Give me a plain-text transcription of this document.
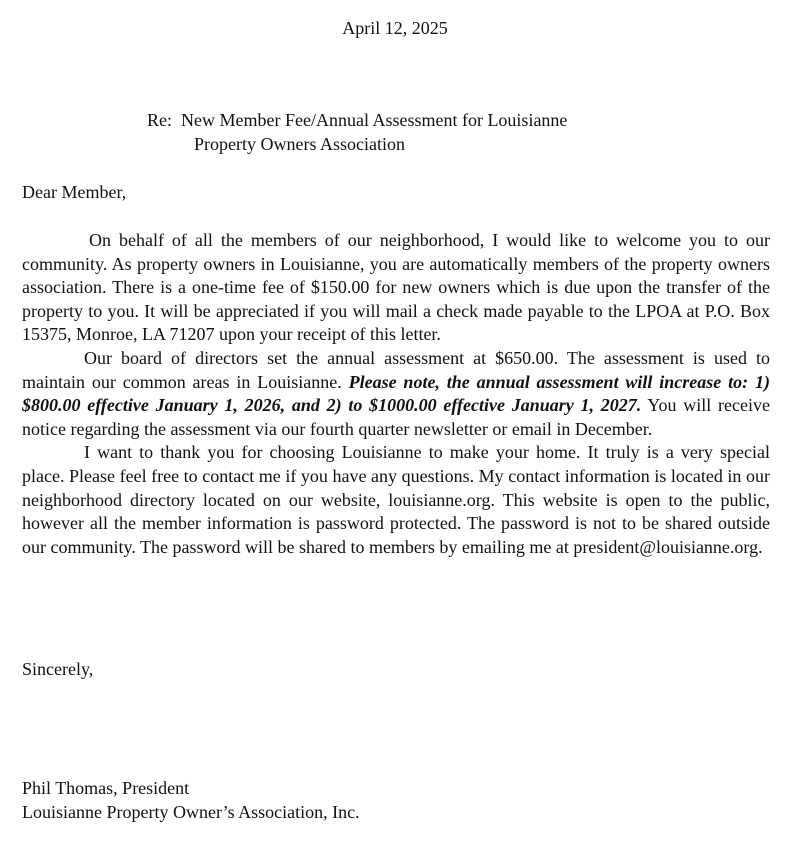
April 12, 2025
Re: New Member Fee/Annual Assessment for Louisianne
Property Owners Association
Dear Member,

On behalf of all the members of our neighborhood, I would like to welcome you to our community. As property owners in Louisianne, you are automatically members of the property owners association. There is a one-time fee of $150.00 for new owners which is due upon the transfer of the property to you. It will be appreciated if you will mail a check made payable to the LPOA at P.O. Box 15375, Monroe, LA 71207 upon your receipt of this letter.

Our board of directors set the annual assessment at $650.00. The assessment is used to maintain our common areas in Louisianne. Please note, the annual assessment will increase to: 1) $800.00 effective January 1, 2026, and 2) to $1000.00 effective January 1, 2027. You will receive notice regarding the assessment via our fourth quarter newsletter or email in December.

I want to thank you for choosing Louisianne to make your home. It truly is a very special place. Please feel free to contact me if you have any questions. My contact information is located in our neighborhood directory located on our website, louisianne.org. This website is open to the public, however all the member information is password protected. The password is not to be shared outside our community. The password will be shared to members by emailing me at president@louisianne.org.

Sincerely,
Phil Thomas, President
Louisianne Property Owner’s Association, Inc.
